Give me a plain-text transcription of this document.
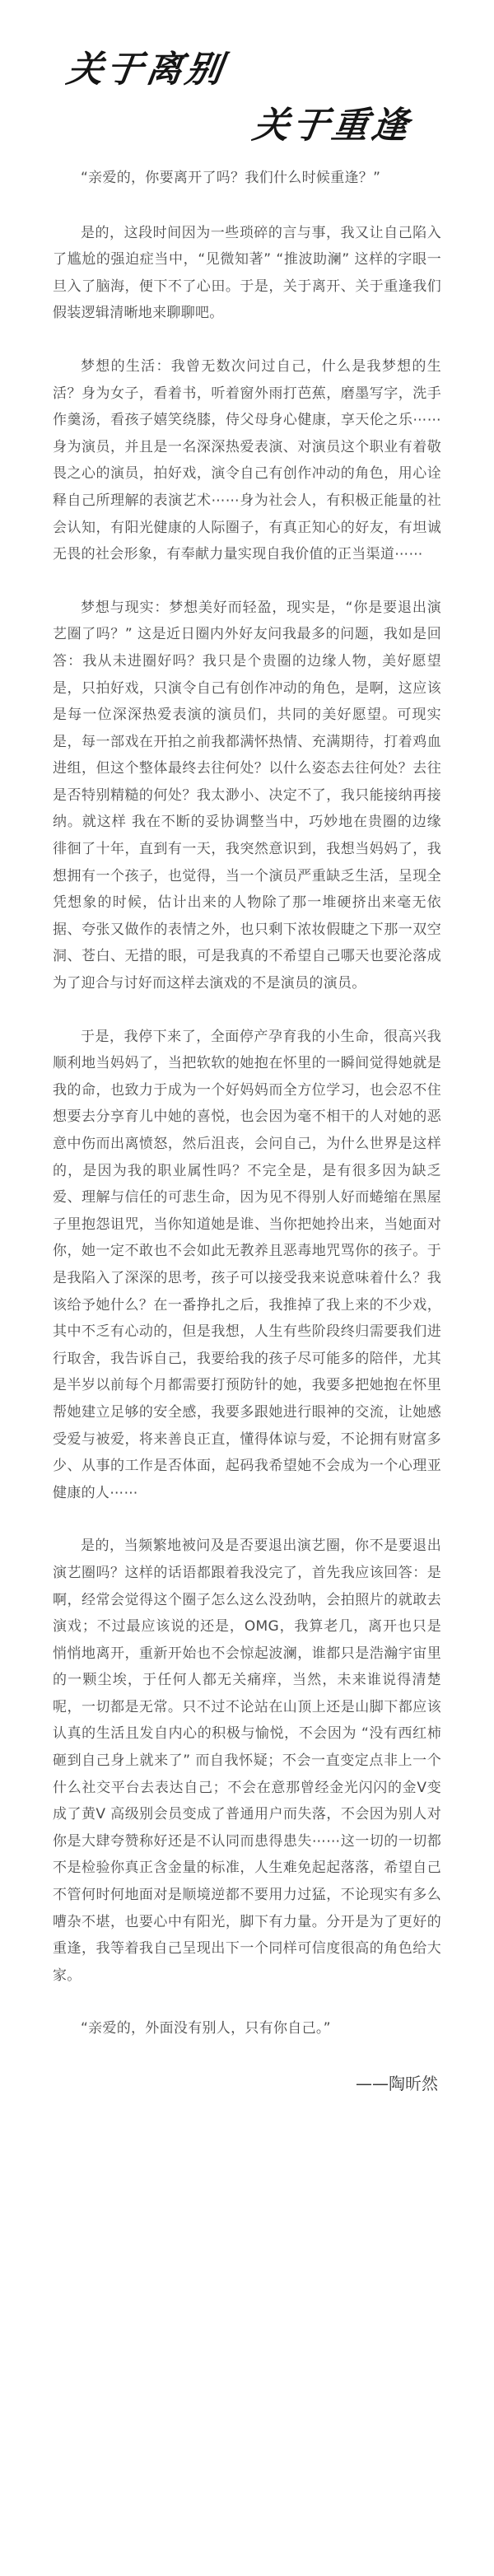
关于离别
关于重逢

“亲爱的，你要离开了吗？我们什么时候重逢？”

是的，这段时间因为一些琐碎的言与事，我又让自己陷入了尴尬的强迫症当中，“见微知著” “推波助澜” 这样的字眼一旦入了脑海，便下不了心田。于是，关于离开、关于重逢我们假装逻辑清晰地来聊聊吧。

梦想的生活：我曾无数次问过自己，什么是我梦想的生活？身为女子，看着书，听着窗外雨打芭蕉，磨墨写字，洗手作羹汤，看孩子嬉笑绕膝，侍父母身心健康，享天伦之乐⋯⋯身为演员，并且是一名深深热爱表演、对演员这个职业有着敬畏之心的演员，拍好戏，演令自己有创作冲动的角色，用心诠释自己所理解的表演艺术⋯⋯身为社会人，有积极正能量的社会认知，有阳光健康的人际圈子，有真正知心的好友，有坦诚无畏的社会形象，有奉献力量实现自我价值的正当渠道⋯⋯

梦想与现实：梦想美好而轻盈，现实是，“你是要退出演艺圈了吗？” 这是近日圈内外好友问我最多的问题，我如是回答：我从未进圈好吗？我只是个贵圈的边缘人物，美好愿望是，只拍好戏，只演令自己有创作冲动的角色，是啊，这应该是每一位深深热爱表演的演员们，共同的美好愿望。可现实是，每一部戏在开拍之前我都满怀热情、充满期待，打着鸡血进组，但这个整体最终去往何处？以什么姿态去往何处？去往是否特别精糙的何处？我太渺小、决定不了，我只能接纳再接纳。就这样 我在不断的妥协调整当中，巧妙地在贵圈的边缘徘徊了十年，直到有一天，我突然意识到，我想当妈妈了，我想拥有一个孩子，也觉得，当一个演员严重缺乏生活，呈现全凭想象的时候，估计出来的人物除了那一堆硬挤出来毫无依据、夸张又做作的表情之外，也只剩下浓妆假睫之下那一双空洞、苍白、无措的眼，可是我真的不希望自己哪天也要沦落成 为了迎合与讨好而这样去演戏的不是演员的演员。

于是，我停下来了，全面停产孕育我的小生命，很高兴我顺利地当妈妈了，当把软软的她抱在怀里的一瞬间觉得她就是我的命，也致力于成为一个好妈妈而全方位学习，也会忍不住想要去分享育儿中她的喜悦，也会因为毫不相干的人对她的恶意中伤而出离愤怒，然后沮丧，会问自己，为什么世界是这样的，是因为我的职业属性吗？不完全是，是有很多因为缺乏爱、理解与信任的可悲生命，因为见不得别人好而蜷缩在黑屋子里抱怨诅咒，当你知道她是谁、当你把她拎出来，当她面对你，她一定不敢也不会如此无教养且恶毒地咒骂你的孩子。于是我陷入了深深的思考，孩子可以接受我来说意味着什么？我该给予她什么？在一番挣扎之后，我推掉了我上来的不少戏，其中不乏有心动的，但是我想，人生有些阶段终归需要我们进行取舍，我告诉自己，我要给我的孩子尽可能多的陪伴，尤其是半岁以前每个月都需要打预防针的她，我要多把她抱在怀里帮她建立足够的安全感，我要多跟她进行眼神的交流，让她感受爱与被爱，将来善良正直，懂得体谅与爱，不论拥有财富多少、从事的工作是否体面，起码我希望她不会成为一个心理亚健康的人⋯⋯

是的，当频繁地被问及是否要退出演艺圈，你不是要退出演艺圈吗？这样的话语都跟着我没完了，首先我应该回答：是啊，经常会觉得这个圈子怎么这么没劲呐，会拍照片的就敢去演戏；不过最应该说的还是，OMG，我算老几，离开也只是悄悄地离开，重新开始也不会惊起波澜，谁都只是浩瀚宇宙里的一颗尘埃，于任何人都无关痛痒，当然，未来谁说得清楚呢，一切都是无常。只不过不论站在山顶上还是山脚下都应该认真的生活且发自内心的积极与愉悦，不会因为 “没有西红柿砸到自己身上就来了” 而自我怀疑；不会一直变定点非上一个什么社交平台去表达自己；不会在意那曾经金光闪闪的金V变成了黄V 高级别会员变成了普通用户而失落，不会因为别人对你是大肆夸赞称好还是不认同而患得患失⋯⋯这一切的一切都不是检验你真正含金量的标准，人生难免起起落落，希望自己不管何时何地面对是顺境逆都不要用力过猛，不论现实有多么嘈杂不堪，也要心中有阳光，脚下有力量。分开是为了更好的重逢，我等着我自己呈现出下一个同样可信度很高的角色给大家。

“亲爱的，外面没有别人，只有你自己。”

——陶昕然
